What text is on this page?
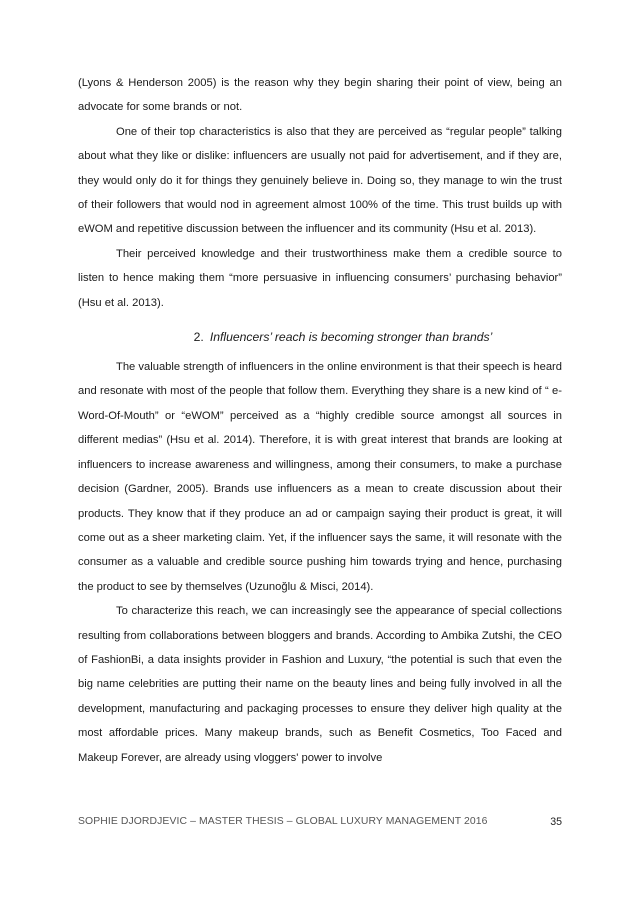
(Lyons & Henderson 2005) is the reason why they begin sharing their point of view, being an advocate for some brands or not.

One of their top characteristics is also that they are perceived as “regular people” talking about what they like or dislike: influencers are usually not paid for advertisement, and if they are, they would only do it for things they genuinely believe in. Doing so, they manage to win the trust of their followers that would nod in agreement almost 100% of the time. This trust builds up with eWOM and repetitive discussion between the influencer and its community (Hsu et al. 2013).

Their perceived knowledge and their trustworthiness make them a credible source to listen to hence making them “more persuasive in influencing consumers’ purchasing behavior” (Hsu et al. 2013).

2. Influencers’ reach is becoming stronger than brands’

The valuable strength of influencers in the online environment is that their speech is heard and resonate with most of the people that follow them. Everything they share is a new kind of “ e-Word-Of-Mouth” or “eWOM” perceived as a “highly credible source amongst all sources in different medias” (Hsu et al. 2014). Therefore, it is with great interest that brands are looking at influencers to increase awareness and willingness, among their consumers, to make a purchase decision (Gardner, 2005). Brands use influencers as a mean to create discussion about their products. They know that if they produce an ad or campaign saying their product is great, it will come out as a sheer marketing claim. Yet, if the influencer says the same, it will resonate with the consumer as a valuable and credible source pushing him towards trying and hence, purchasing the product to see by themselves (Uzunoğlu & Misci, 2014).

To characterize this reach, we can increasingly see the appearance of special collections resulting from collaborations between bloggers and brands. According to Ambika Zutshi, the CEO of FashionBi, a data insights provider in Fashion and Luxury, “the potential is such that even the big name celebrities are putting their name on the beauty lines and being fully involved in all the development, manufacturing and packaging processes to ensure they deliver high quality at the most affordable prices. Many makeup brands, such as Benefit Cosmetics, Too Faced and Makeup Forever, are already using vloggers' power to involve

SOPHIE DJORDJEVIC – MASTER THESIS – GLOBAL LUXURY MANAGEMENT 2016	35
